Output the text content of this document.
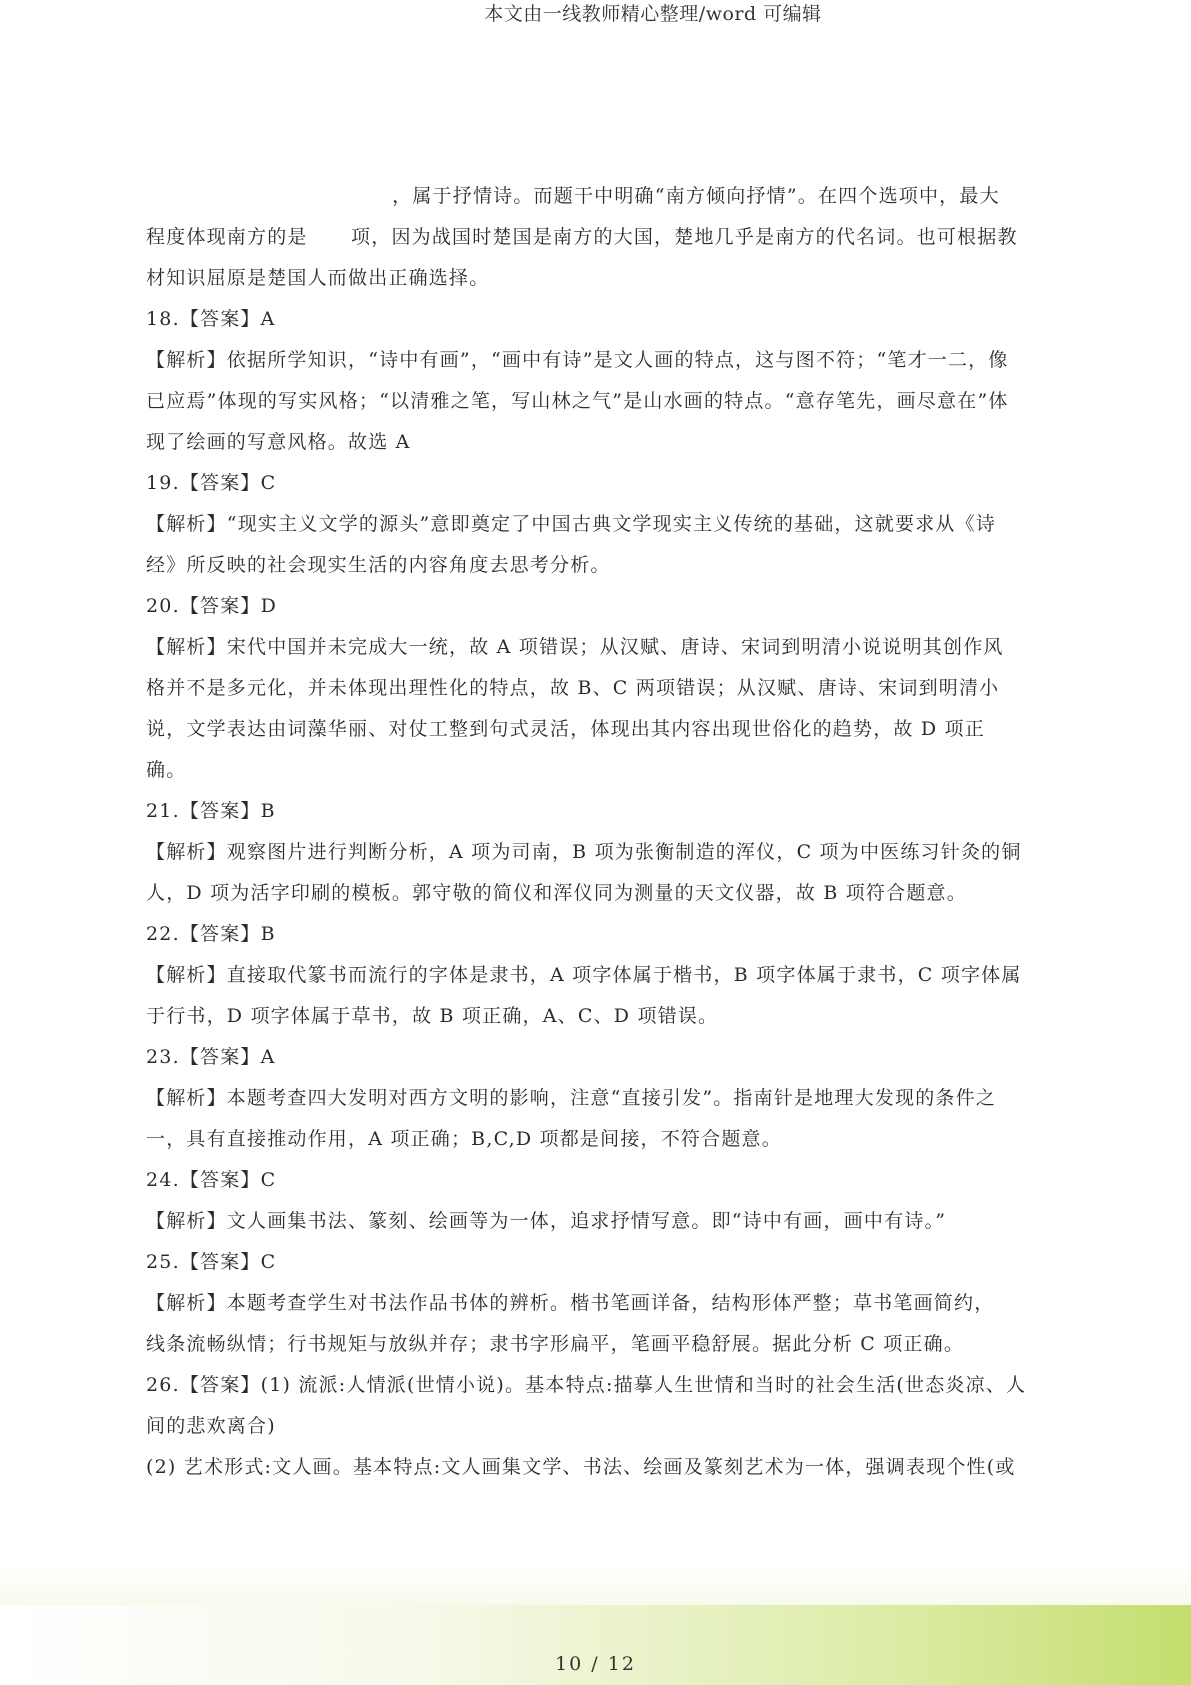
本文由一线教师精心整理/word 可编辑
，属于抒情诗。而题干中明确“南方倾向抒情”。在四个选项中，最大
程度体现南方的是      项，因为战国时楚国是南方的大国，楚地几乎是南方的代名词。也可根据教
材知识屈原是楚国人而做出正确选择。
18.【答案】A
【解析】依据所学知识，“诗中有画”，“画中有诗”是文人画的特点，这与图不符；“笔才一二，像
已应焉”体现的写实风格；“以清雅之笔，写山林之气”是山水画的特点。“意存笔先，画尽意在”体
现了绘画的写意风格。故选 A
19.【答案】C
【解析】“现实主义文学的源头”意即奠定了中国古典文学现实主义传统的基础，这就要求从《诗
经》所反映的社会现实生活的内容角度去思考分析。
20.【答案】D
【解析】宋代中国并未完成大一统，故 A 项错误；从汉赋、唐诗、宋词到明清小说说明其创作风
格并不是多元化，并未体现出理性化的特点，故 B、C 两项错误；从汉赋、唐诗、宋词到明清小
说，文学表达由词藻华丽、对仗工整到句式灵活，体现出其内容出现世俗化的趋势，故 D 项正
确。
21.【答案】B
【解析】观察图片进行判断分析，A 项为司南，B 项为张衡制造的浑仪，C 项为中医练习针灸的铜
人，D 项为活字印刷的模板。郭守敬的简仪和浑仪同为测量的天文仪器，故 B 项符合题意。
22.【答案】B
【解析】直接取代篆书而流行的字体是隶书，A 项字体属于楷书，B 项字体属于隶书，C 项字体属
于行书，D 项字体属于草书，故 B 项正确，A、C、D 项错误。
23.【答案】A
【解析】本题考查四大发明对西方文明的影响，注意“直接引发”。指南针是地理大发现的条件之
一，具有直接推动作用，A 项正确；B,C,D 项都是间接，不符合题意。
24.【答案】C
【解析】文人画集书法、篆刻、绘画等为一体，追求抒情写意。即“诗中有画，画中有诗。”
25.【答案】C
【解析】本题考查学生对书法作品书体的辨析。楷书笔画详备，结构形体严整；草书笔画简约，
线条流畅纵情；行书规矩与放纵并存；隶书字形扁平，笔画平稳舒展。据此分析 C 项正确。
26.【答案】(1) 流派:人情派(世情小说)。基本特点:描摹人生世情和当时的社会生活(世态炎凉、人
间的悲欢离合)
(2) 艺术形式:文人画。基本特点:文人画集文学、书法、绘画及篆刻艺术为一体，强调表现个性(或
10 / 12
